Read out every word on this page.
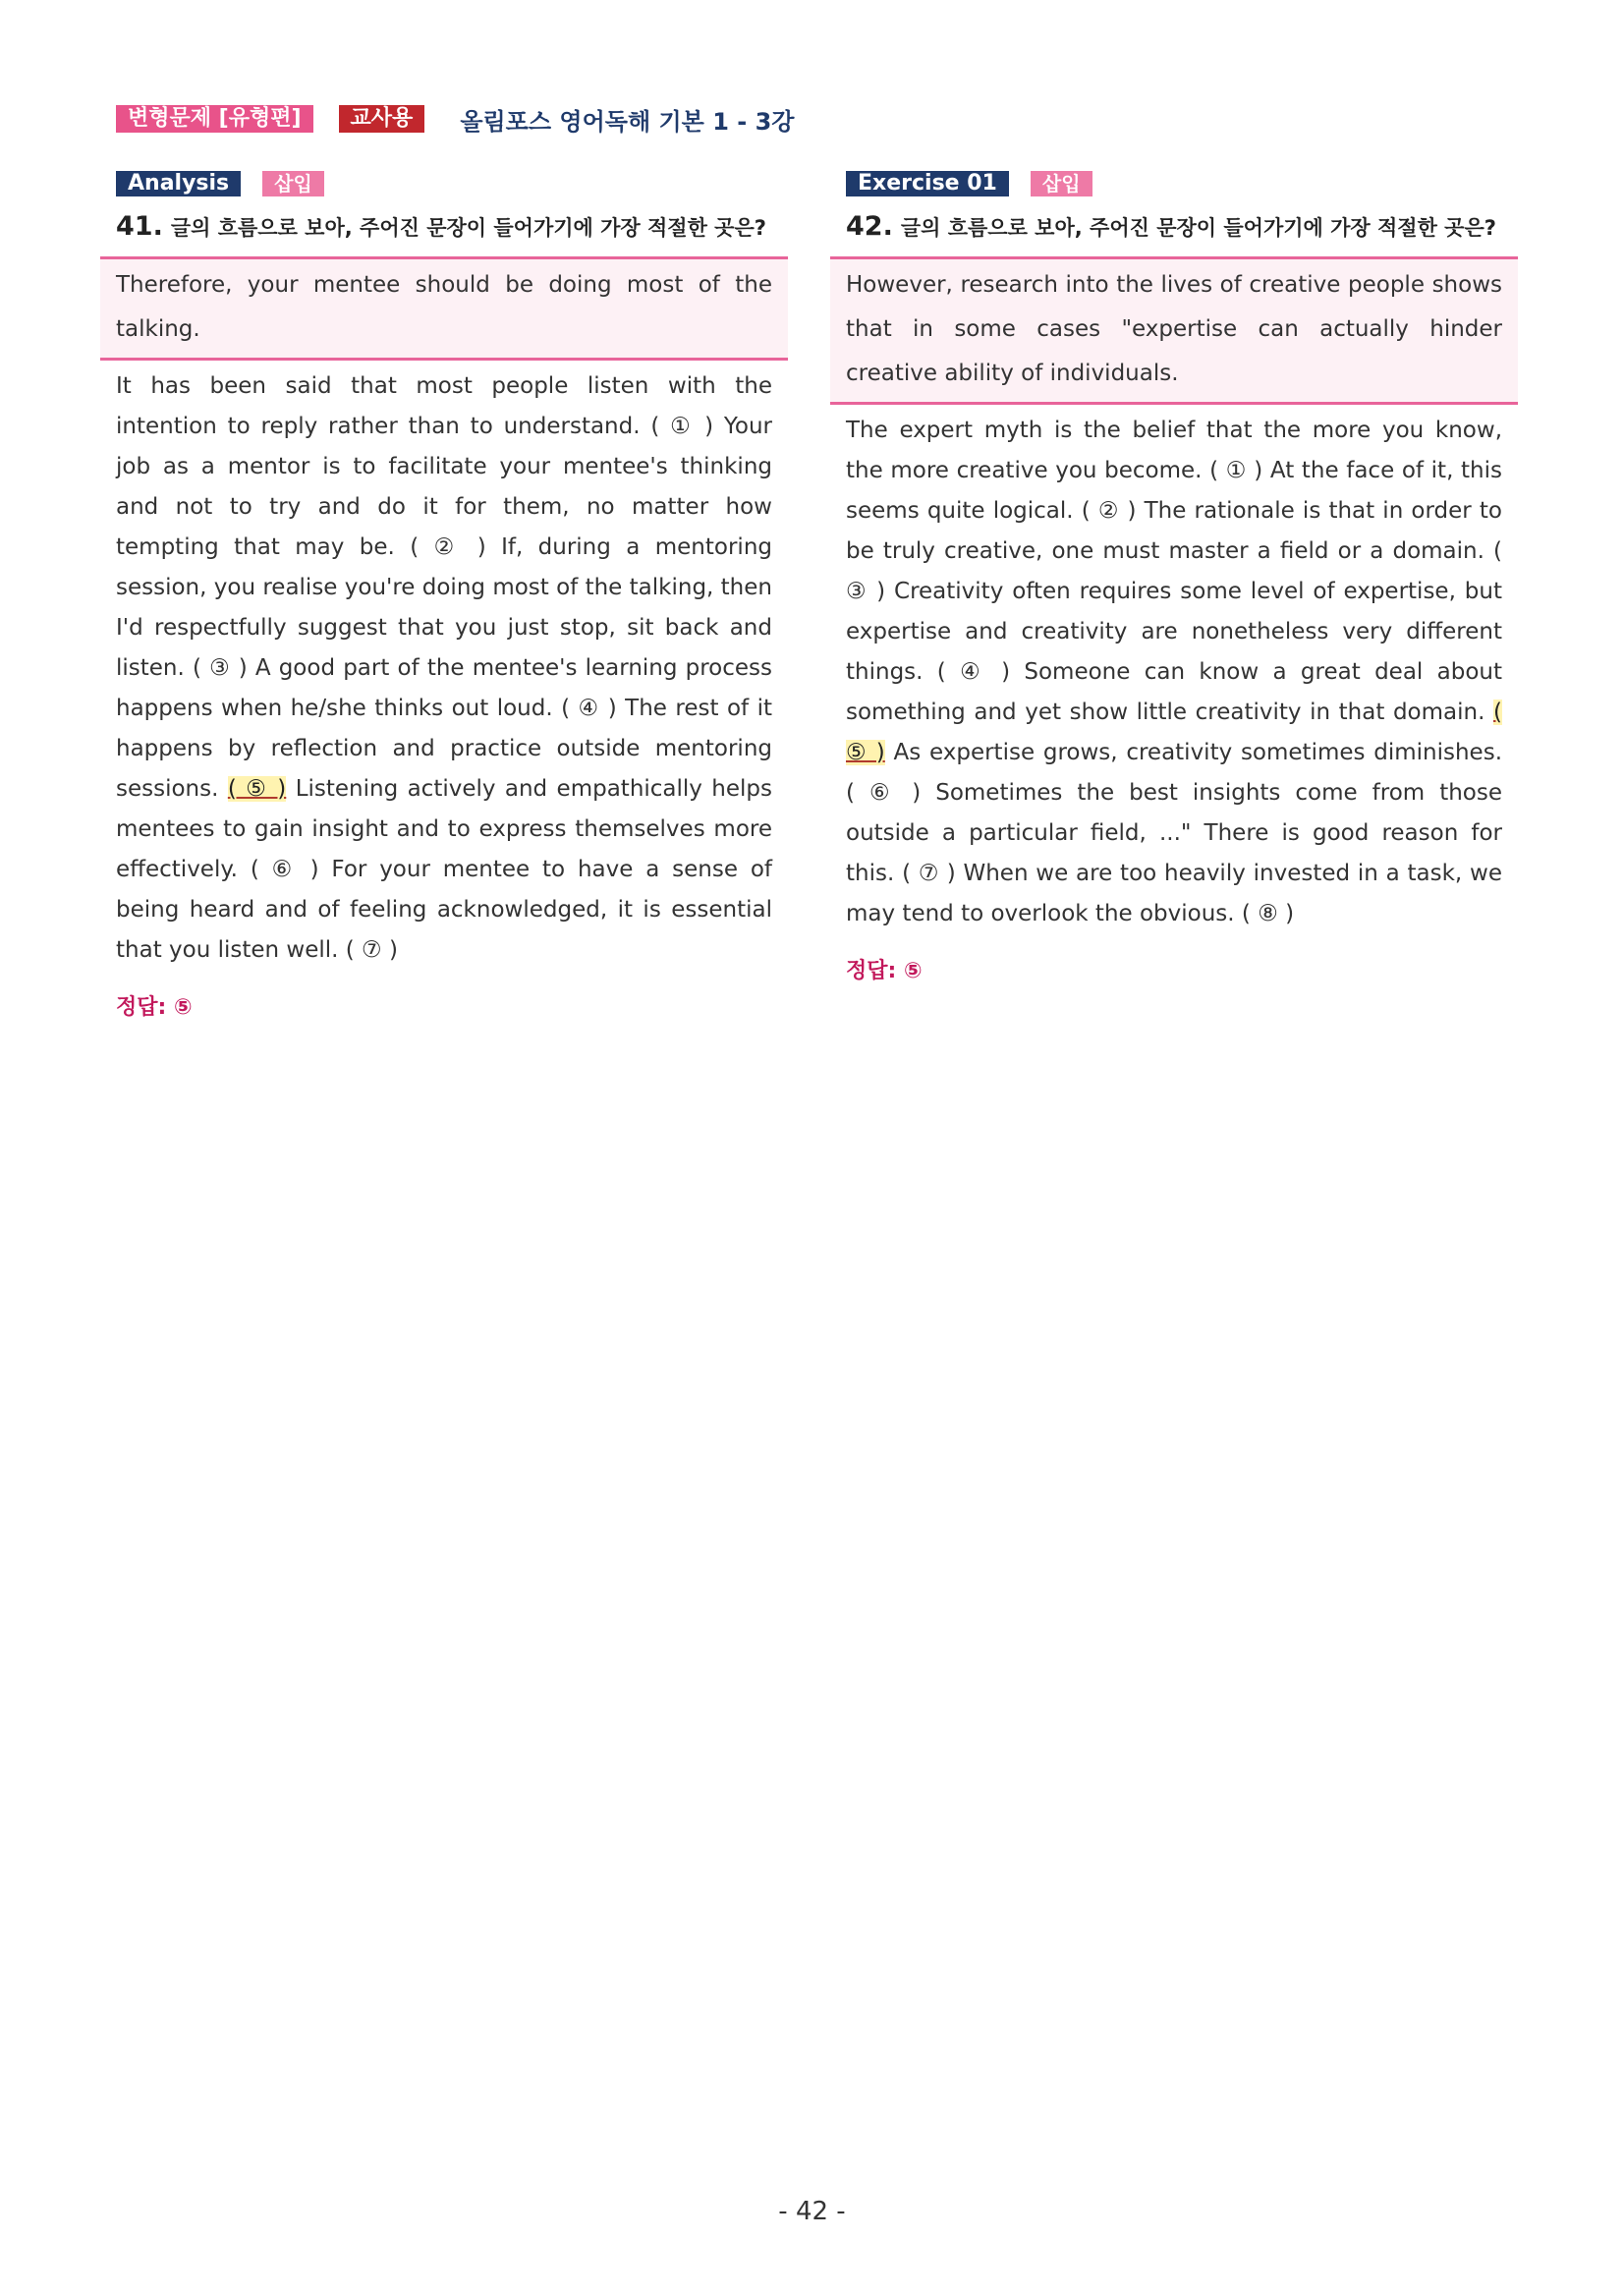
변형문제 [유형편]	교사용	올림포스 영어독해 기본 1 - 3강
Analysis	삽입
41. 글의 흐름으로 보아, 주어진 문장이 들어가기에 가장 적절한 곳은?
Therefore, your mentee should be doing most of the talking.
It has been said that most people listen with the intention to reply rather than to understand. ( ① ) Your job as a mentor is to facilitate your mentee's thinking and not to try and do it for them, no matter how tempting that may be. ( ② ) If, during a mentoring session, you realise you're doing most of the talking, then I'd respectfully suggest that you just stop, sit back and listen. ( ③ ) A good part of the mentee's learning process happens when he/she thinks out loud. ( ④ ) The rest of it happens by reflection and practice outside mentoring sessions. ( ⑤ ) Listening actively and empathically helps mentees to gain insight and to express themselves more effectively. ( ⑥ ) For your mentee to have a sense of being heard and of feeling acknowledged, it is essential that you listen well. ( ⑦ )
정답: ⑤
Exercise 01	삽입
42. 글의 흐름으로 보아, 주어진 문장이 들어가기에 가장 적절한 곳은?
However, research into the lives of creative people shows that in some cases "expertise can actually hinder creative ability of individuals.
The expert myth is the belief that the more you know, the more creative you become. ( ① ) At the face of it, this seems quite logical. ( ② ) The rationale is that in order to be truly creative, one must master a field or a domain. ( ③ ) Creativity often requires some level of expertise, but expertise and creativity are nonetheless very different things. ( ④ ) Someone can know a great deal about something and yet show little creativity in that domain. ( ⑤ ) As expertise grows, creativity sometimes diminishes. ( ⑥ ) Sometimes the best insights come from those outside a particular field, ..." There is good reason for this. ( ⑦ ) When we are too heavily invested in a task, we may tend to overlook the obvious. ( ⑧ )
정답: ⑤
- 42 -
